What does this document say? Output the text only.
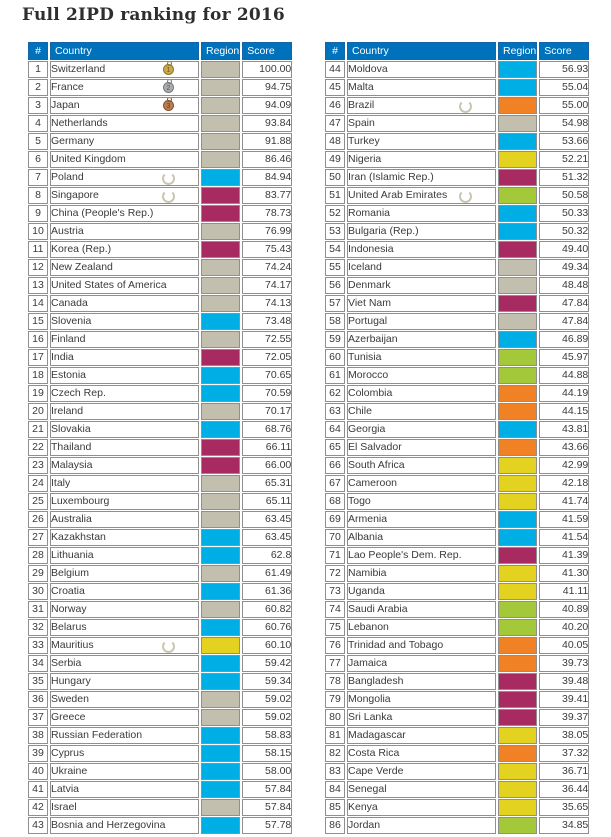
Full 2IPD ranking for 2016
#	Country	Region	Score
1	Switzerland 1		100.00
2	France 2		94.75
3	Japan 3		94.09
4	Netherlands		93.84
5	Germany		91.88
6	United Kingdom		86.46
7	Poland		84.94
8	Singapore		83.77
9	China (People's Rep.)		78.73
10	Austria		76.99
11	Korea (Rep.)		75.43
12	New Zealand		74.24
13	United States of America		74.17
14	Canada		74.13
15	Slovenia		73.48
16	Finland		72.55
17	India		72.05
18	Estonia		70.65
19	Czech Rep.		70.59
20	Ireland		70.17
21	Slovakia		68.76
22	Thailand		66.11
23	Malaysia		66.00
24	Italy		65.31
25	Luxembourg		65.11
26	Australia		63.45
27	Kazakhstan		63.45
28	Lithuania		62.8
29	Belgium		61.49
30	Croatia		61.36
31	Norway		60.82
32	Belarus		60.76
33	Mauritius		60.10
34	Serbia		59.42
35	Hungary		59.34
36	Sweden		59.02
37	Greece		59.02
38	Russian Federation		58.83
39	Cyprus		58.15
40	Ukraine		58.00
41	Latvia		57.84
42	Israel		57.84
43	Bosnia and Herzegovina		57.78
#	Country	Region	Score
44	Moldova		56.93
45	Malta		55.04
46	Brazil		55.00
47	Spain		54.98
48	Turkey		53.66
49	Nigeria		52.21
50	Iran (Islamic Rep.)		51.32
51	United Arab Emirates		50.58
52	Romania		50.33
53	Bulgaria (Rep.)		50.32
54	Indonesia		49.40
55	Iceland		49.34
56	Denmark		48.48
57	Viet Nam		47.84
58	Portugal		47.84
59	Azerbaijan		46.89
60	Tunisia		45.97
61	Morocco		44.88
62	Colombia		44.19
63	Chile		44.15
64	Georgia		43.81
65	El Salvador		43.66
66	South Africa		42.99
67	Cameroon		42.18
68	Togo		41.74
69	Armenia		41.59
70	Albania		41.54
71	Lao People's Dem. Rep.		41.39
72	Namibia		41.30
73	Uganda		41.11
74	Saudi Arabia		40.89
75	Lebanon		40.20
76	Trinidad and Tobago		40.05
77	Jamaica		39.73
78	Bangladesh		39.48
79	Mongolia		39.41
80	Sri Lanka		39.37
81	Madagascar		38.05
82	Costa Rica		37.32
83	Cape Verde		36.71
84	Senegal		36.44
85	Kenya		35.65
86	Jordan		34.85
